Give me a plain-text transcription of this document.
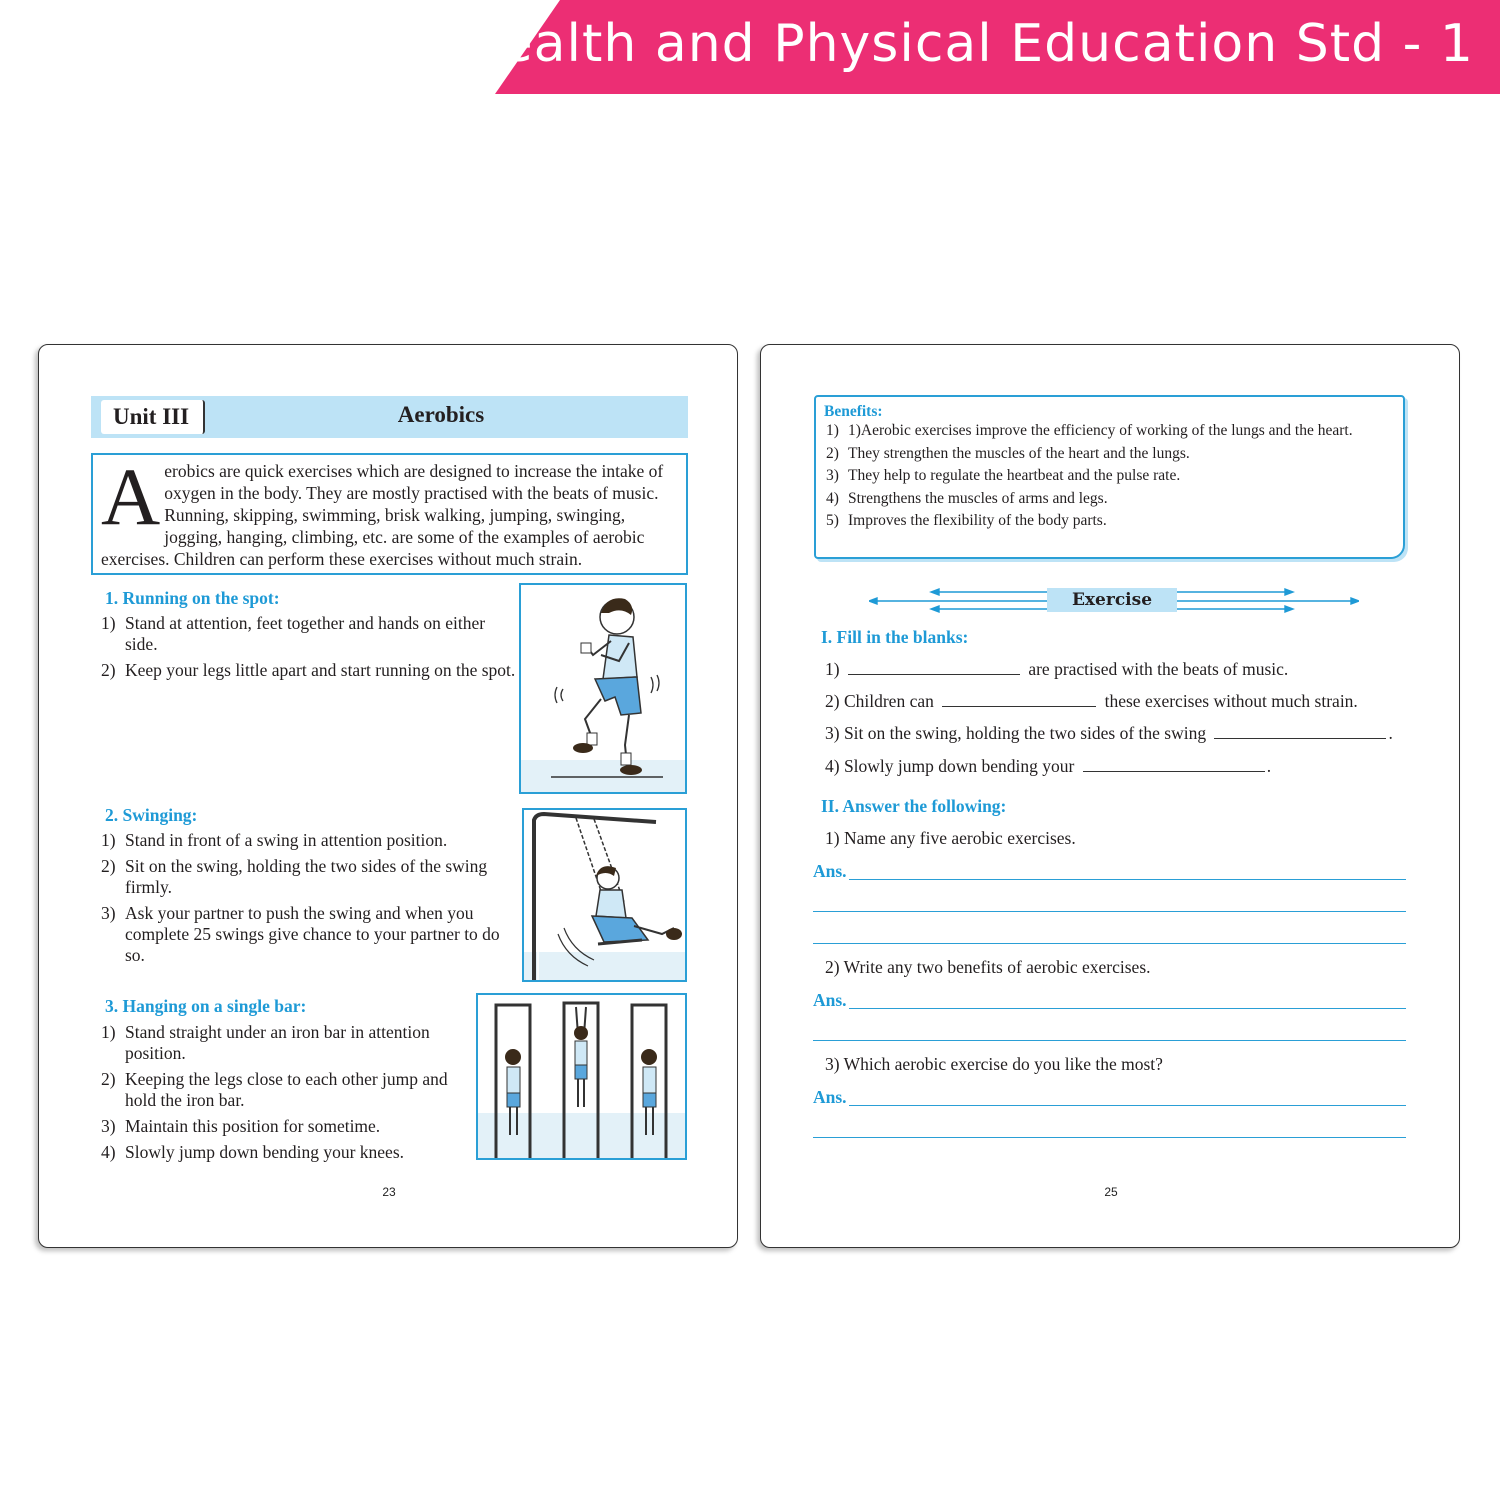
Health and Physical Education Std - 1
Unit III	Aerobics
A erobics are quick exercises which are designed to increase the intake of oxygen in the body. They are mostly practised with the beats of music. Running, skipping, swimming, brisk walking, jumping, swinging, jogging, hanging, climbing, etc. are some of the examples of aerobic exercises. Children can perform these exercises without much strain.
1. Running on the spot:
1) Stand at attention, feet together and hands on either side.
2) Keep your legs little apart and start running on the spot.
2. Swinging:
1) Stand in front of a swing in attention position.
2) Sit on the swing, holding the two sides of the swing firmly.
3) Ask your partner to push the swing and when you complete 25 swings give chance to your partner to do so.
3. Hanging on a single bar:
1) Stand straight under an iron bar in attention position.
2) Keeping the legs close to each other jump and hold the iron bar.
3) Maintain this position for sometime.
4) Slowly jump down bending your knees.
23
Benefits:
1) 1)Aerobic exercises improve the efficiency of working of the lungs and the heart.
2) They strengthen the muscles of the heart and the lungs.
3) They help to regulate the heartbeat and the pulse rate.
4) Strengthens the muscles of arms and legs.
5) Improves the flexibility of the body parts.
Exercise
I. Fill in the blanks:
1)	are practised with the beats of music.
2) Children can	these exercises without much strain.
3) Sit on the swing, holding the two sides of the swing	.
4) Slowly jump down bending your	.
II. Answer the following:
1) Name any five aerobic exercises.
Ans.
2) Write any two benefits of aerobic exercises.
Ans.
3) Which aerobic exercise do you like the most?
Ans.
25
